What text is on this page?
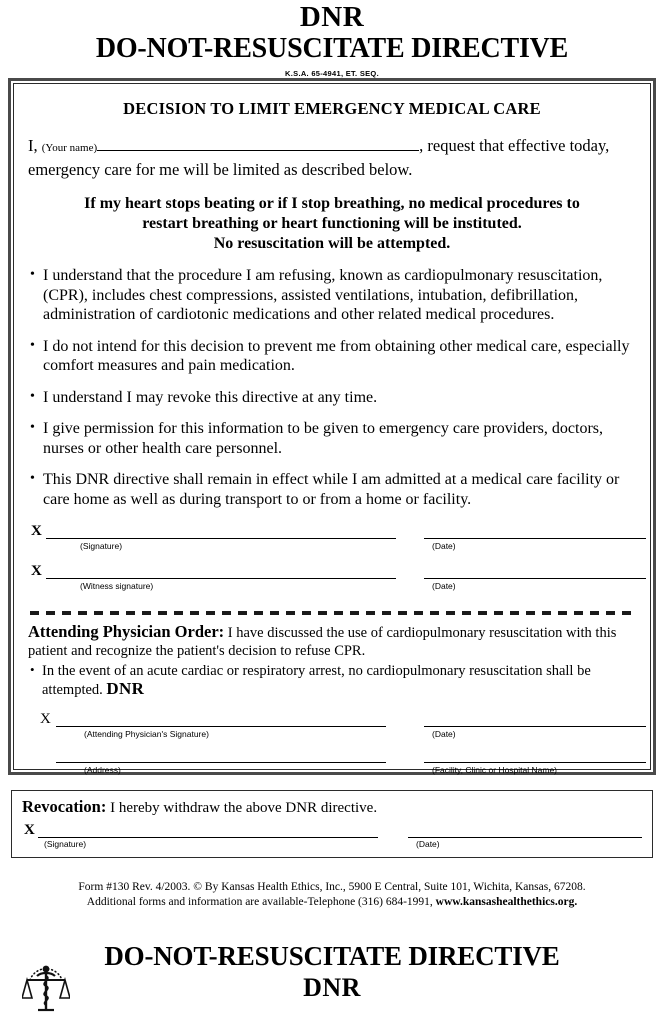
DNR
DO-NOT-RESUSCITATE DIRECTIVE
K.S.A. 65-4941, ET. SEQ.
DECISION TO LIMIT EMERGENCY MEDICAL CARE

I, (Your name)	, request that effective today,
emergency care for me will be limited as described below.

If my heart stops beating or if I stop breathing, no medical procedures to
restart breathing or heart functioning will be instituted.
No resuscitation will be attempted.
• I understand that the procedure I am refusing, known as cardiopulmonary resuscitation, (CPR), includes chest compressions, assisted ventilations, intubation, defibrillation, administration of cardiotonic medications and other related medical procedures.
• I do not intend for this decision to prevent me from obtaining other medical care, especially comfort measures and pain medication.
• I understand I may revoke this directive at any time.
• I give permission for this information to be given to emergency care providers, doctors, nurses or other health care personnel.
• This DNR directive shall remain in effect while I am admitted at a medical care facility or care home as well as during transport to or from a home or facility.
X
(Signature)	(Date)
X
(Witness signature)	(Date)

Attending Physician Order: I have discussed the use of cardiopulmonary resuscitation with this patient and recognize the patient's decision to refuse CPR.

• In the event of an acute cardiac or respiratory arrest, no cardiopulmonary resuscitation shall be attempted. DNR
X
(Attending Physician's Signature)	(Date)
(Address)	(Facility, Clinic or Hospital Name)
Revocation: I hereby withdraw the above DNR directive.
X
(Signature)	(Date)
Form #130 Rev. 4/2003. © By Kansas Health Ethics, Inc., 5900 E Central, Suite 101, Wichita, Kansas, 67208.
Additional forms and information are available-Telephone (316) 684-1991, www.kansashealthethics.org.
DO-NOT-RESUSCITATE DIRECTIVE
DNR
